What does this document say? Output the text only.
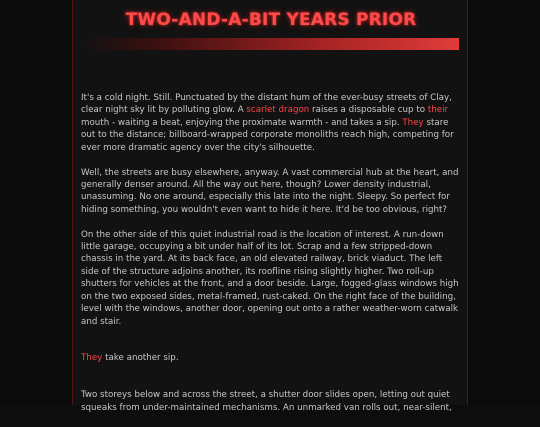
TWO-AND-A-BIT YEARS PRIOR

It's a cold night. Still. Punctuated by the distant hum of the ever-busy streets of Clay, clear night sky lit by polluting glow. A scarlet dragon raises a disposable cup to their mouth - waiting a beat, enjoying the proximate warmth - and takes a sip. They stare out to the distance; billboard-wrapped corporate monoliths reach high, competing for ever more dramatic agency over the city's silhouette.

Well, the streets are busy elsewhere, anyway. A vast commercial hub at the heart, and generally denser around. All the way out here, though? Lower density industrial, unassuming. No one around, especially this late into the night. Sleepy. So perfect for hiding something, you wouldn't even want to hide it here. It'd be too obvious, right?

On the other side of this quiet industrial road is the location of interest. A run-down little garage, occupying a bit under half of its lot. Scrap and a few stripped-down chassis in the yard. At its back face, an old elevated railway, brick viaduct. The left side of the structure adjoins another, its roofline rising slightly higher. Two roll-up shutters for vehicles at the front, and a door beside. Large, fogged-glass windows high on the two exposed sides, metal-framed, rust-caked. On the right face of the building, level with the windows, another door, opening out onto a rather weather-worn catwalk and stair.

They take another sip.

Two storeys below and across the street, a shutter door slides open, letting out quiet squeaks from under-maintained mechanisms. An unmarked van rolls out, near-silent,
